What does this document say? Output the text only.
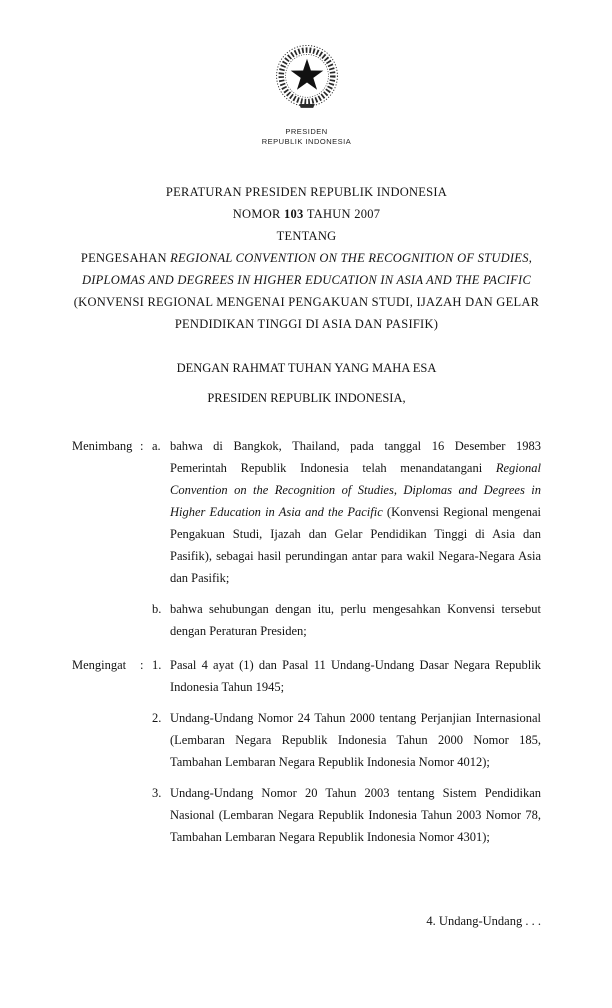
PRESIDEN
REPUBLIK INDONESIA
PERATURAN PRESIDEN REPUBLIK INDONESIA
NOMOR 103 TAHUN 2007
TENTANG
PENGESAHAN REGIONAL CONVENTION ON THE RECOGNITION OF STUDIES, DIPLOMAS AND DEGREES IN HIGHER EDUCATION IN ASIA AND THE PACIFIC
(KONVENSI REGIONAL MENGENAI PENGAKUAN STUDI, IJAZAH DAN GELAR PENDIDIKAN TINGGI DI ASIA DAN PASIFIK)
DENGAN RAHMAT TUHAN YANG MAHA ESA
PRESIDEN REPUBLIK INDONESIA,
Menimbang : a. bahwa di Bangkok, Thailand, pada tanggal 16 Desember 1983 Pemerintah Republik Indonesia telah menandatangani Regional Convention on the Recognition of Studies, Diplomas and Degrees in Higher Education in Asia and the Pacific (Konvensi Regional mengenai Pengakuan Studi, Ijazah dan Gelar Pendidikan Tinggi di Asia dan Pasifik), sebagai hasil perundingan antar para wakil Negara-Negara Asia dan Pasifik;
b. bahwa sehubungan dengan itu, perlu mengesahkan Konvensi tersebut dengan Peraturan Presiden;
Mengingat	: 1. Pasal 4 ayat (1) dan Pasal 11 Undang-Undang Dasar Negara Republik Indonesia Tahun 1945;
2. Undang-Undang Nomor 24 Tahun 2000 tentang Perjanjian Internasional (Lembaran Negara Republik Indonesia Tahun 2000 Nomor 185, Tambahan Lembaran Negara Republik Indonesia Nomor 4012);
3. Undang-Undang Nomor 20 Tahun 2003 tentang Sistem Pendidikan Nasional (Lembaran Negara Republik Indonesia Tahun 2003 Nomor 78, Tambahan Lembaran Negara Republik Indonesia Nomor 4301);
4. Undang-Undang . . .
